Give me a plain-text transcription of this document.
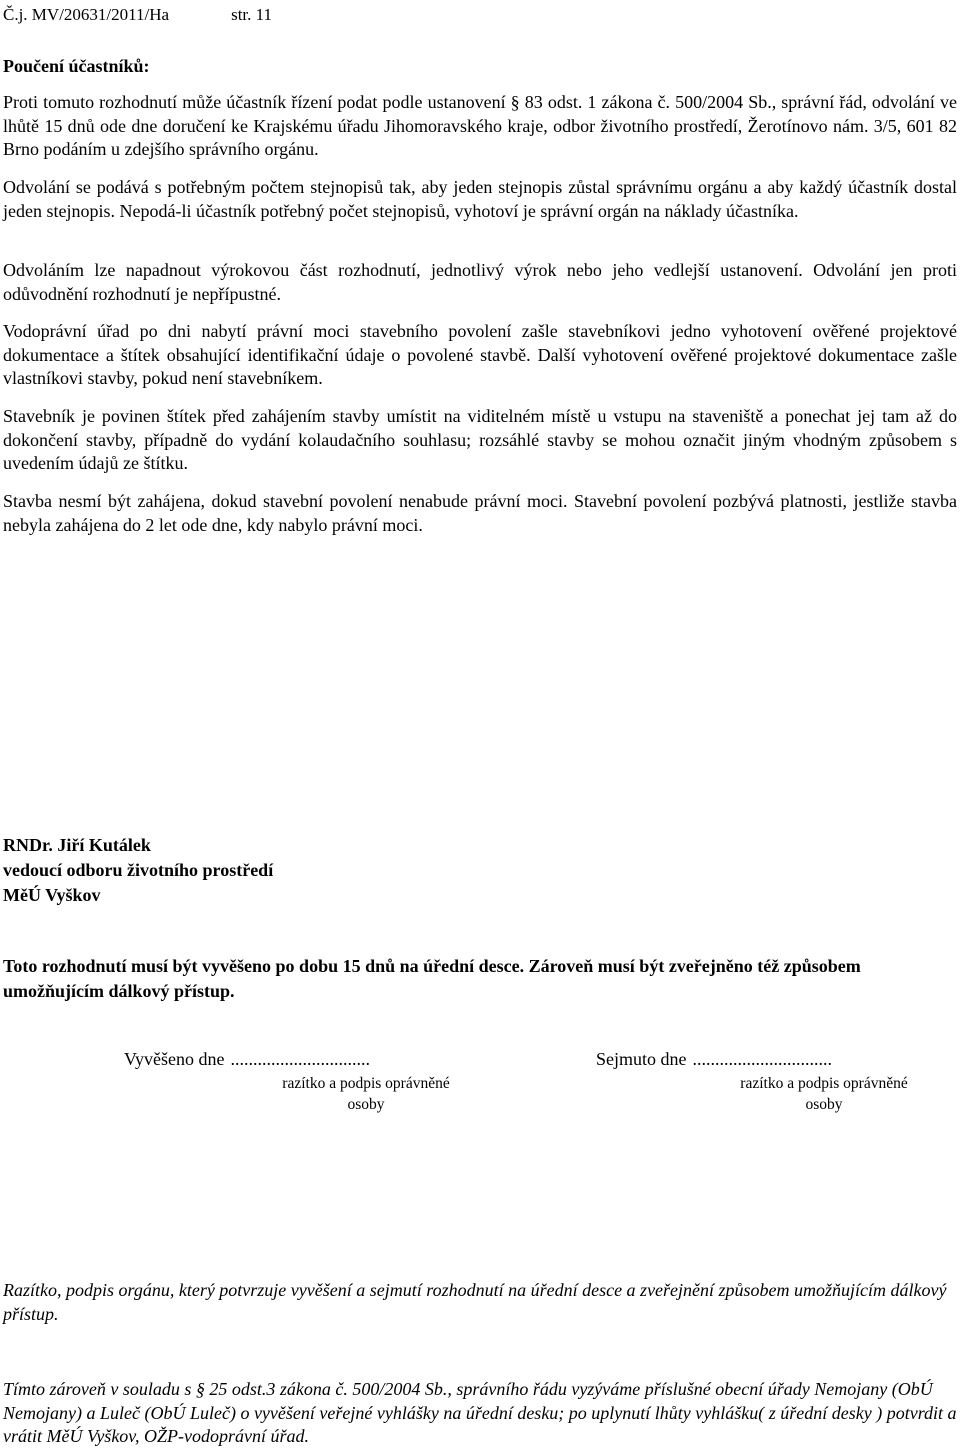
Č.j. MV/20631/2011/Ha	str. 11
Poučení účastníků:

Proti tomuto rozhodnutí může účastník řízení podat podle ustanovení § 83 odst. 1 zákona č. 500/2004 Sb., správní řád, odvolání ve lhůtě 15 dnů ode dne doručení ke Krajskému úřadu Jihomoravského kraje, odbor životního prostředí, Žerotínovo nám. 3/5, 601 82 Brno podáním u zdejšího správního orgánu.

Odvolání se podává s potřebným počtem stejnopisů tak, aby jeden stejnopis zůstal správnímu orgánu a aby každý účastník dostal jeden stejnopis. Nepodá-li účastník potřebný počet stejnopisů, vyhotoví je správní orgán na náklady účastníka.

Odvoláním lze napadnout výrokovou část rozhodnutí, jednotlivý výrok nebo jeho vedlejší ustanovení. Odvolání jen proti odůvodnění rozhodnutí je nepřípustné.

Vodoprávní úřad po dni nabytí právní moci stavebního povolení zašle stavebníkovi jedno vyhotovení ověřené projektové dokumentace a štítek obsahující identifikační údaje o povolené stavbě. Další vyhotovení ověřené projektové dokumentace zašle vlastníkovi stavby, pokud není stavebníkem.

Stavebník je povinen štítek před zahájením stavby umístit na viditelném místě u vstupu na staveniště a ponechat jej tam až do dokončení stavby, případně do vydání kolaudačního souhlasu; rozsáhlé stavby se mohou označit jiným vhodným způsobem s uvedením údajů ze štítku.

Stavba nesmí být zahájena, dokud stavební povolení nenabude právní moci. Stavební povolení pozbývá platnosti, jestliže stavba nebyla zahájena do 2 let ode dne, kdy nabylo právní moci.

RNDr. Jiří Kutálek
vedoucí odboru životního prostředí
MěÚ Vyškov

Toto rozhodnutí musí být vyvěšeno po dobu 15 dnů na úřední desce. Zároveň musí být zveřejněno též způsobem umožňujícím dálkový přístup.

Vyvěšeno dne ...............................
razítko a podpis oprávněné
osoby
Sejmuto dne ...............................
razítko a podpis oprávněné
osoby

Razítko, podpis orgánu, který potvrzuje vyvěšení a sejmutí rozhodnutí na úřední desce a zveřejnění způsobem umožňujícím dálkový přístup.

Tímto zároveň v souladu s § 25 odst.3 zákona č. 500/2004 Sb., správního řádu vyzýváme příslušné obecní úřady Nemojany (ObÚ Nemojany) a Luleč (ObÚ Luleč) o vyvěšení veřejné vyhlášky na úřední desku; po uplynutí lhůty vyhlášku( z úřední desky ) potvrdit a vrátit MěÚ Vyškov, OŽP-vodoprávní úřad.
